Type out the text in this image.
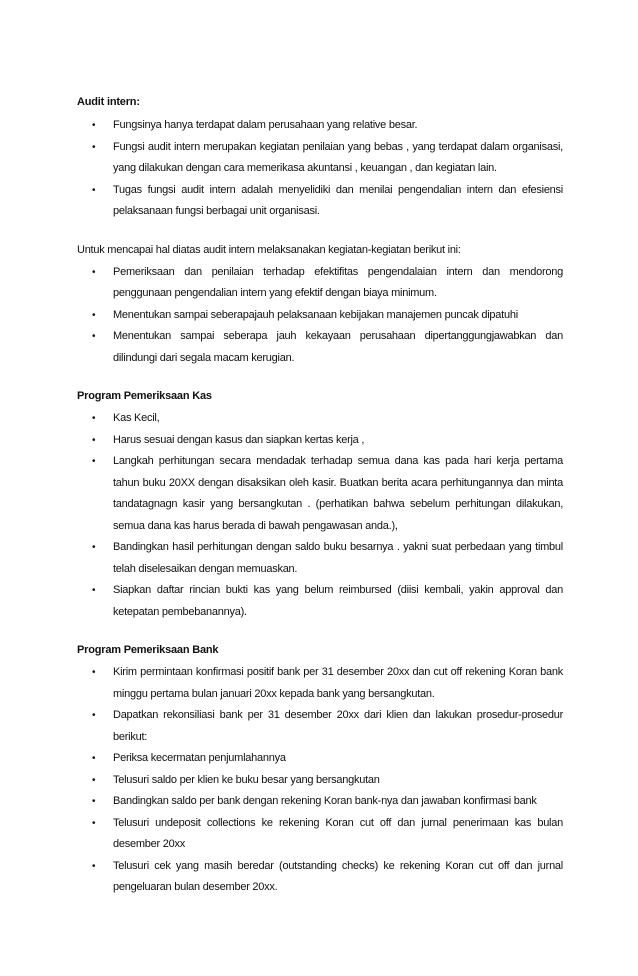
Audit intern:

• Fungsinya hanya terdapat dalam perusahaan yang relative besar.
• Fungsi audit intern merupakan kegiatan penilaian yang bebas , yang terdapat dalam organisasi, yang dilakukan dengan cara memerikasa akuntansi , keuangan , dan kegiatan lain.
• Tugas fungsi audit intern adalah menyelidiki dan menilai pengendalian intern dan efesiensi pelaksanaan fungsi berbagai unit organisasi.

Untuk mencapai hal diatas audit intern melaksanakan kegiatan-kegiatan berikut ini:

• Pemeriksaan dan penilaian terhadap efektifitas pengendalaian intern dan mendorong penggunaan pengendalian intern yang efektif dengan biaya minimum.
• Menentukan sampai seberapajauh pelaksanaan kebijakan manajemen puncak dipatuhi
• Menentukan sampai seberapa jauh kekayaan perusahaan dipertanggungjawabkan dan dilindungi dari segala macam kerugian.

Program Pemeriksaan Kas

• Kas Kecil,
• Harus sesuai dengan kasus dan siapkan kertas kerja ,
• Langkah perhitungan secara mendadak terhadap semua dana kas pada hari kerja pertama tahun buku 20XX dengan disaksikan oleh kasir. Buatkan berita acara perhitungannya dan minta tandatagnagn kasir yang bersangkutan . (perhatikan bahwa sebelum perhitungan dilakukan, semua dana kas harus berada di bawah pengawasan anda.),
• Bandingkan hasil perhitungan dengan saldo buku besarnya . yakni suat perbedaan yang timbul telah diselesaikan dengan memuaskan.
• Siapkan daftar rincian bukti kas yang belum reimbursed (diisi kembali, yakin approval dan ketepatan pembebanannya).

Program Pemeriksaan Bank

• Kirim permintaan konfirmasi positif bank per 31 desember 20xx dan cut off rekening Koran bank minggu pertama bulan januari 20xx kepada bank yang bersangkutan.
• Dapatkan rekonsiliasi bank per 31 desember 20xx dari klien dan lakukan prosedur-prosedur berikut:
• Periksa kecermatan penjumlahannya
• Telusuri saldo per klien ke buku besar yang bersangkutan
• Bandingkan saldo per bank dengan rekening Koran bank-nya dan jawaban konfirmasi bank
• Telusuri undeposit collections ke rekening Koran cut off dan jurnal penerimaan kas bulan desember 20xx
• Telusuri cek yang masih beredar (outstanding checks) ke rekening Koran cut off dan jurnal pengeluaran bulan desember 20xx.
